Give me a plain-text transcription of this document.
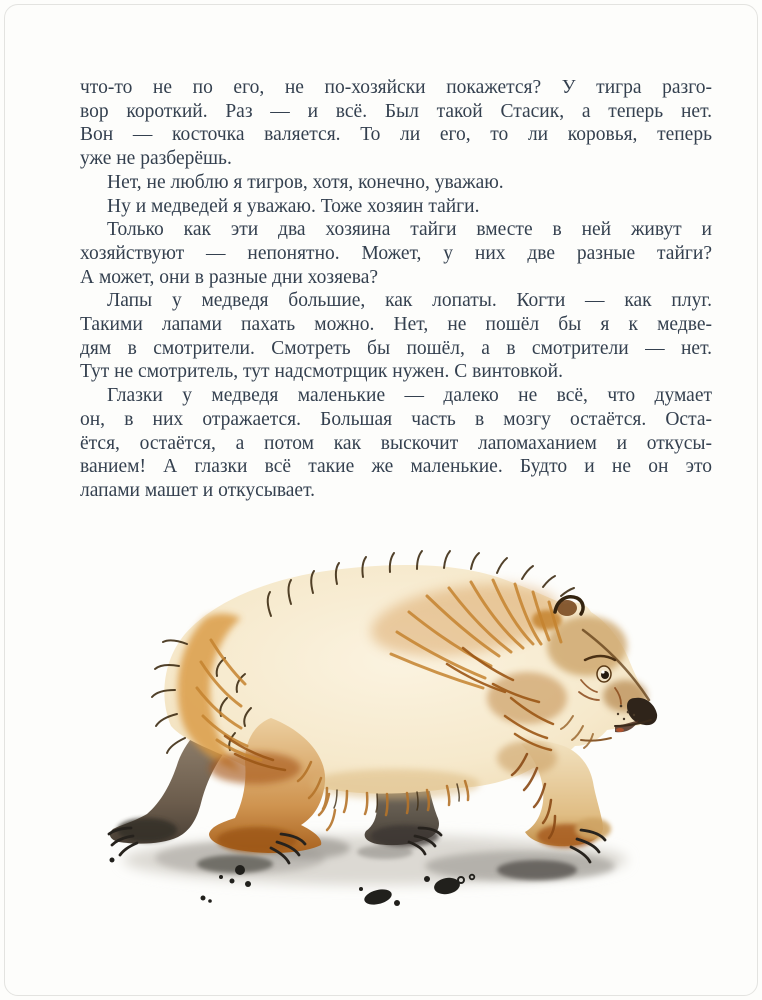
что-то не по его, не по-хозяйски покажется? У тигра разго-
вор короткий. Раз — и всё. Был такой Стасик, а теперь нет.
Вон — косточка валяется. То ли его, то ли коровья, теперь
уже не разберёшь.
Нет, не люблю я тигров, хотя, конечно, уважаю.
Ну и медведей я уважаю. Тоже хозяин тайги.
Только как эти два хозяина тайги вместе в ней живут и
хозяйствуют — непонятно. Может, у них две разные тайги?
А может, они в разные дни хозяева?
Лапы у медведя большие, как лопаты. Когти — как плуг.
Такими лапами пахать можно. Нет, не пошёл бы я к медве-
дям в смотрители. Смотреть бы пошёл, а в смотрители — нет.
Тут не смотритель, тут надсмотрщик нужен. С винтовкой.
Глазки у медведя маленькие — далеко не всё, что думает
он, в них отражается. Большая часть в мозгу остаётся. Оста-
ётся, остаётся, а потом как выскочит лапомаханием и откусы-
ванием! А глазки всё такие же маленькие. Будто и не он это
лапами машет и откусывает.
